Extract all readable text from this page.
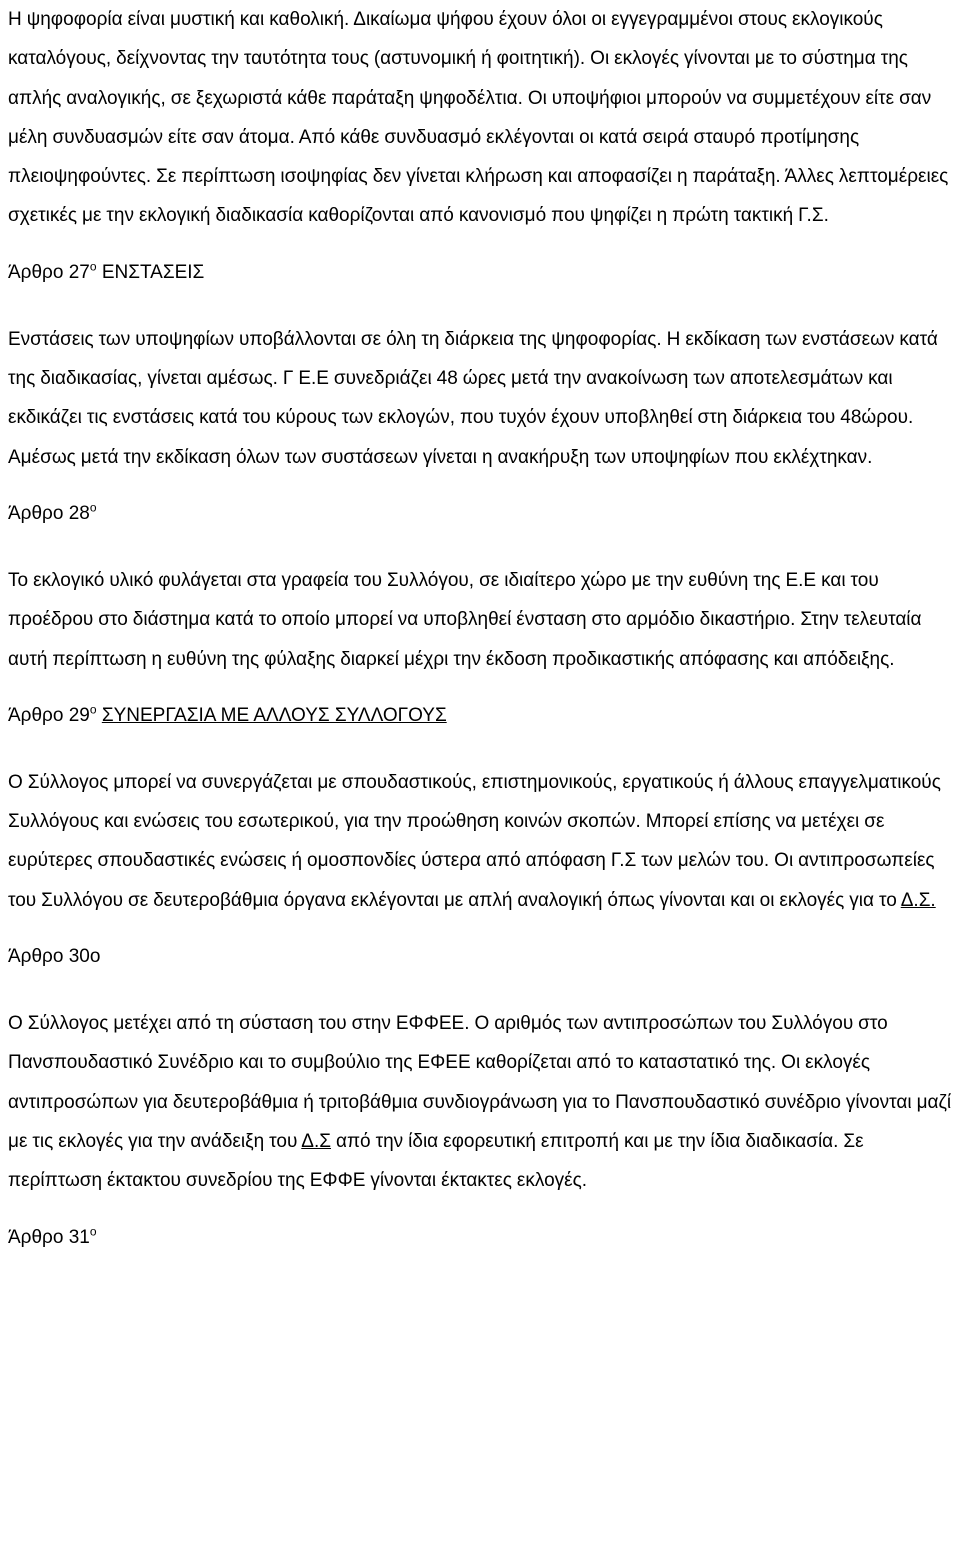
Η ψηφοφορία είναι μυστική και καθολική. Δικαίωμα ψήφου έχουν όλοι οι εγγεγραμμένοι στους εκλογικούς καταλόγους, δείχνοντας την ταυτότητα τους (αστυνομική ή φοιτητική). Οι εκλογές γίνονται με το σύστημα της απλής αναλογικής, σε ξεχωριστά κάθε παράταξη ψηφοδέλτια. Οι υποψήφιοι μπορούν να συμμετέχουν είτε σαν μέλη συνδυασμών είτε σαν άτομα. Από κάθε συνδυασμό εκλέγονται οι κατά σειρά σταυρό προτίμησης πλειοψηφούντες. Σε περίπτωση ισοψηφίας δεν γίνεται κλήρωση και αποφασίζει η παράταξη. Άλλες λεπτομέρειες σχετικές με την εκλογική διαδικασία καθορίζονται από κανονισμό που ψηφίζει η πρώτη τακτική Γ.Σ.

Άρθρο $27^o$ ΕΝΣΤΑΣΕΙΣ

Ενστάσεις των υποψηφίων υποβάλλονται σε όλη τη διάρκεια της ψηφοφορίας. Η εκδίκαση των ενστάσεων κατά της διαδικασίας, γίνεται αμέσως. Γ Ε.Ε συνεδριάζει 48 ώρες μετά την ανακοίνωση των αποτελεσμάτων και εκδικάζει τις ενστάσεις κατά του κύρους των εκλογών, που τυχόν έχουν υποβληθεί στη διάρκεια του 48ώρου. Αμέσως μετά την εκδίκαση όλων των συστάσεων γίνεται η ανακήρυξη των υποψηφίων που εκλέχτηκαν.

Άρθρο $28^o$

Το εκλογικό υλικό φυλάγεται στα γραφεία του Συλλόγου, σε ιδιαίτερο χώρο με την ευθύνη της Ε.Ε και του προέδρου στο διάστημα κατά το οποίο μπορεί να υποβληθεί ένσταση στο αρμόδιο δικαστήριο. Στην τελευταία αυτή περίπτωση η ευθύνη της φύλαξης διαρκεί μέχρι την έκδοση προδικαστικής απόφασης και απόδειξης.

Άρθρο $29^o$ ΣΥΝΕΡΓΑΣΙΑ ΜΕ ΑΛΛΟΥΣ ΣΥΛΛΟΓΟΥΣ

Ο Σύλλογος μπορεί να συνεργάζεται με σπουδαστικούς, επιστημονικούς, εργατικούς ή άλλους επαγγελματικούς Συλλόγους και ενώσεις του εσωτερικού, για την προώθηση κοινών σκοπών. Μπορεί επίσης να μετέχει σε ευρύτερες σπουδαστικές ενώσεις ή ομοσπονδίες ύστερα από απόφαση Γ.Σ των μελών του. Οι αντιπροσωπείες του Συλλόγου σε δευτεροβάθμια όργανα εκλέγονται με απλή αναλογική όπως γίνονται και οι εκλογές για το Δ.Σ.

Άρθρο 30ο

Ο Σύλλογος μετέχει από τη σύσταση του στην ΕΦΦΕΕ. Ο αριθμός των αντιπροσώπων του Συλλόγου στο Πανσπουδαστικό Συνέδριο και το συμβούλιο της ΕΦΕΕ καθορίζεται από το καταστατικό της. Οι εκλογές αντιπροσώπων για δευτεροβάθμια ή τριτοβάθμια συνδιογράνωση για το Πανσπουδαστικό συνέδριο γίνονται μαζί με τις εκλογές για την ανάδειξη του Δ.Σ από την ίδια εφορευτική επιτροπή και με την ίδια διαδικασία. Σε περίπτωση έκτακτου συνεδρίου της ΕΦΦΕ γίνονται έκτακτες εκλογές.

Άρθρο $31^o$
